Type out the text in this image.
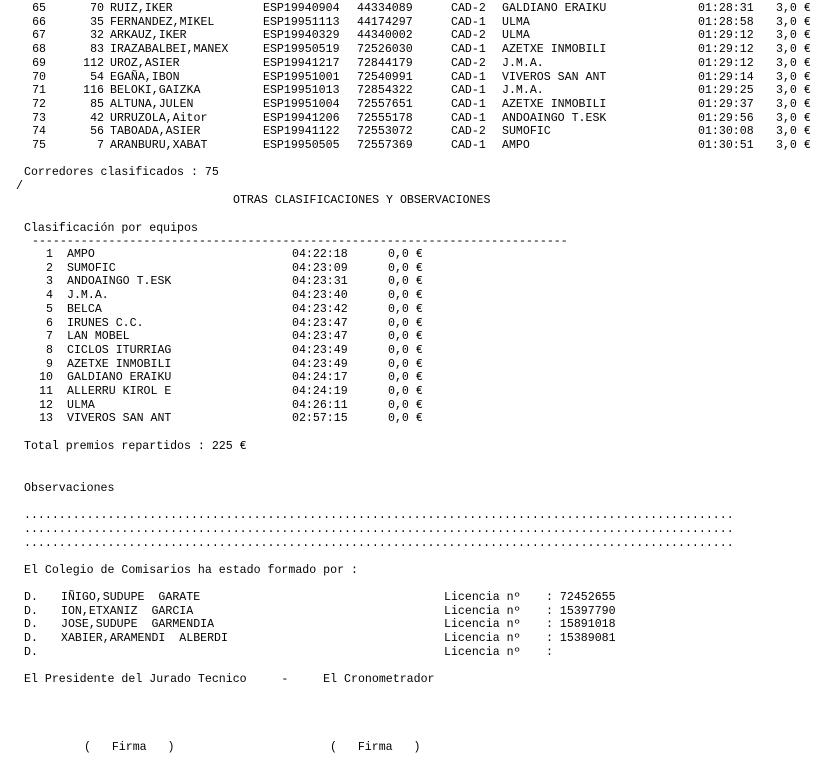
65	70 RUIZ,IKER	ESP19940904 44334089	CAD-2 GALDIANO ERAIKU	01:28:31 3,0 €
66	35 FERNANDEZ,MIKEL	ESP19951113 44174297	CAD-1 ULMA	01:28:58 3,0 €
67	32 ARKAUZ,IKER	ESP19940329 44340002	CAD-2 ULMA	01:29:12 3,0 €
68	83 IRAZABALBEI,MANEX	ESP19950519 72526030	CAD-1 AZETXE INMOBILI	01:29:12 3,0 €
69	112 UROZ,ASIER	ESP19941217 72844179	CAD-2 J.M.A.	01:29:12 3,0 €
70	54 EGAÑA,IBON	ESP19951001 72540991	CAD-1 VIVEROS SAN ANT	01:29:14 3,0 €
71	116 BELOKI,GAIZKA	ESP19951013 72854322	CAD-1 J.M.A.	01:29:25 3,0 €
72	85 ALTUNA,JULEN	ESP19951004 72557651	CAD-1 AZETXE INMOBILI	01:29:37 3,0 €
73	42 URRUZOLA,Aitor	ESP19941206 72555178	CAD-1 ANDOAINGO T.ESK	01:29:56 3,0 €
74	56 TABOADA,ASIER	ESP19941122 72553072	CAD-2 SUMOFIC	01:30:08 3,0 €
75	7 ARANBURU,XABAT	ESP19950505 72557369	CAD-1 AMPO	01:30:51 3,0 €
Corredores clasificados : 75
/
OTRAS CLASIFICACIONES Y OBSERVACIONES
Clasificación por equipos
-----------------------------------------------------------------------------
1 AMPO	04:22:18	0,0 €
2 SUMOFIC	04:23:09	0,0 €
3 ANDOAINGO T.ESK	04:23:31	0,0 €
4 J.M.A.	04:23:40	0,0 €
5 BELCA	04:23:42	0,0 €
6 IRUNES C.C.	04:23:47	0,0 €
7 LAN MOBEL	04:23:47	0,0 €
8 CICLOS ITURRIAG	04:23:49	0,0 €
9 AZETXE INMOBILI	04:23:49	0,0 €
10 GALDIANO ERAIKU	04:24:17	0,0 €
11 ALLERRU KIROL E	04:24:19	0,0 €
12 ULMA	04:26:11	0,0 €
13 VIVEROS SAN ANT	02:57:15	0,0 €
Total premios repartidos : 225 €
Observaciones
......................................................................................................
......................................................................................................
......................................................................................................
El Colegio de Comisarios ha estado formado por :
D. IÑIGO,SUDUPE  GARATE	Licencia nº : 72452655
D. ION,ETXANIZ  GARCIA	Licencia nº : 15397790
D. JOSE,SUDUPE  GARMENDIA	Licencia nº : 15891018
D. XABIER,ARAMENDI  ALBERDI	Licencia nº : 15389081
D.	Licencia nº :
El Presidente del Jurado Tecnico     -     El Cronometrador
(   Firma   )	(   Firma   )
